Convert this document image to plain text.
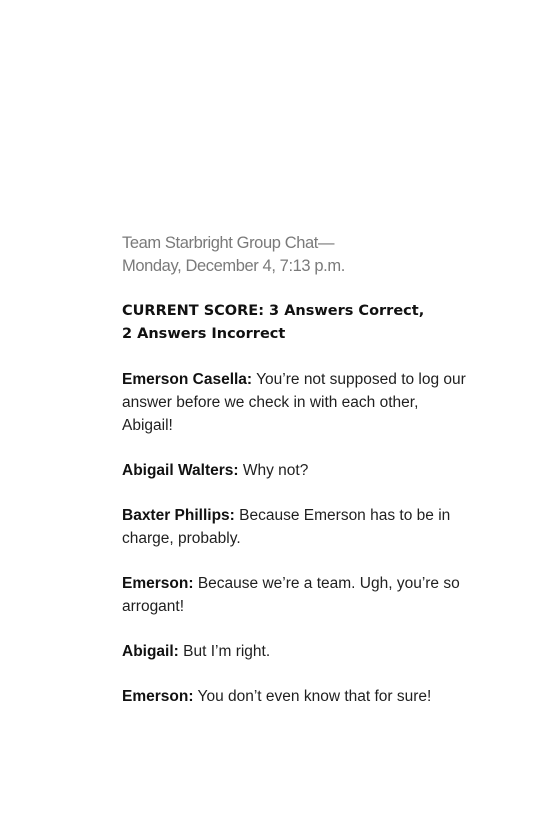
Team Starbright Group Chat—
Monday, December 4, 7:13 p.m.
CURRENT SCORE: 3 Answers Correct,
2 Answers Incorrect
Emerson Casella: You’re not supposed to log our answer before we check in with each other, Abigail!
Abigail Walters: Why not?
Baxter Phillips: Because Emerson has to be in charge, probably.
Emerson: Because we’re a team. Ugh, you’re so arrogant!
Abigail: But I’m right.
Emerson: You don’t even know that for sure!
